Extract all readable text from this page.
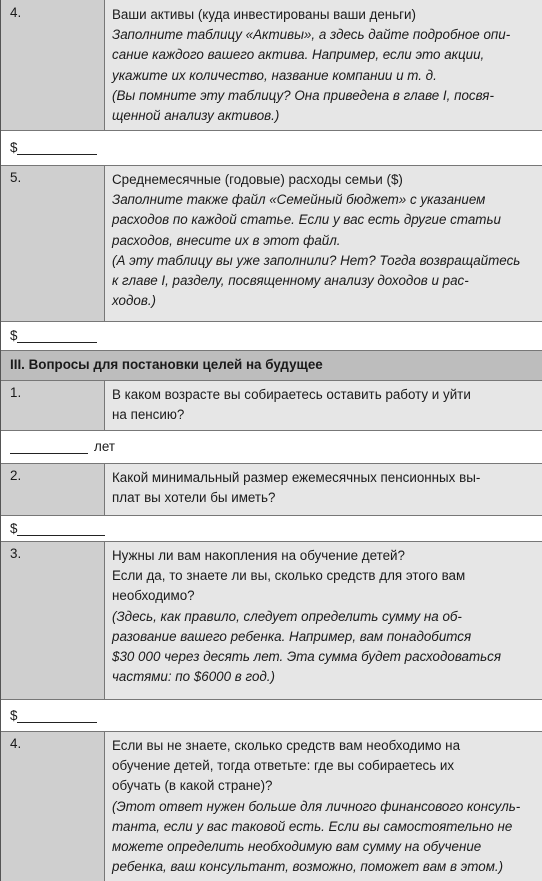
4.	Ваши активы (куда инвестированы ваши деньги)

Заполните таблицу «Активы», а здесь дайте подробное опи-

сание каждого вашего актива. Например, если это акции,

укажите их количество, название компании и т. д.

(Вы помните эту таблицу? Она приведена в главе I, посвя-

щенной анализу активов.)

$
5.	Среднемесячные (годовые) расходы семьи ($)

Заполните также файл «Семейный бюджет» с указанием

расходов по каждой статье. Если у вас есть другие статьи

расходов, внесите их в этот файл.

(А эту таблицу вы уже заполнили? Нет? Тогда возвращайтесь

к главе I, разделу, посвященному анализу доходов и рас-

ходов.)

$
III. Вопросы для постановки целей на будущее
1.	В каком возрасте вы собираетесь оставить работу и уйти

на пенсию?

лет
2.	Какой минимальный размер ежемесячных пенсионных вы-

плат вы хотели бы иметь?

$
3.	Нужны ли вам накопления на обучение детей?

Если да, то знаете ли вы, сколько средств для этого вам

необходимо?

(Здесь, как правило, следует определить сумму на об-

разование вашего ребенка. Например, вам понадобится

$30 000 через десять лет. Эта сумма будет расходоваться

частями: по $6000 в год.)

$
4.	Если вы не знаете, сколько средств вам необходимо на

обучение детей, тогда ответьте: где вы собираетесь их

обучать (в какой стране)?

(Этот ответ нужен больше для личного финансового консуль-

танта, если у вас таковой есть. Если вы самостоятельно не

можете определить необходимую вам сумму на обучение

ребенка, ваш консультант, возможно, поможет вам в этом.)
